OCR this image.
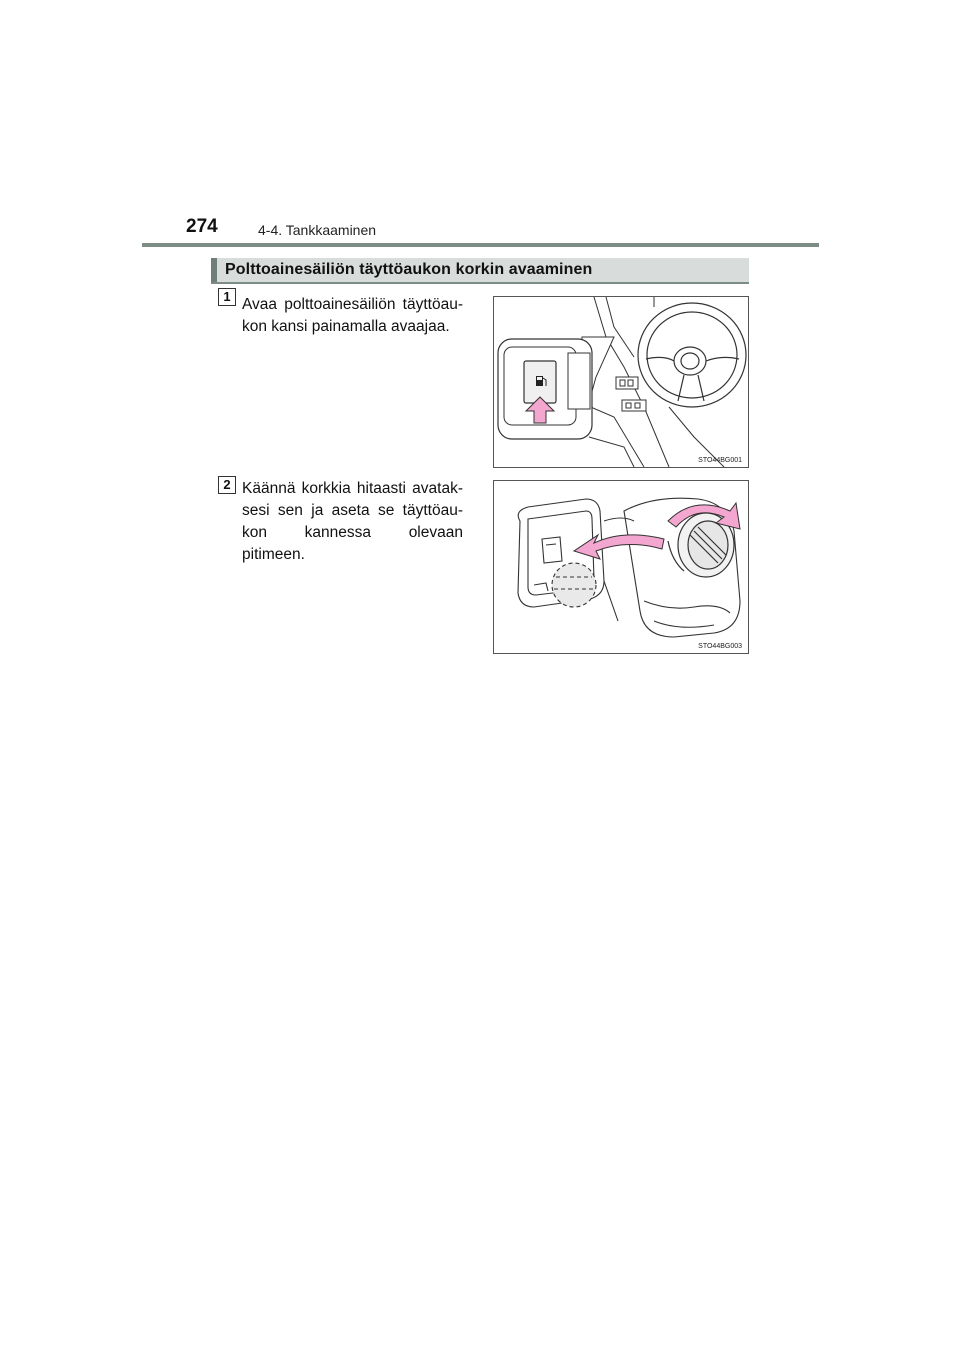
274	4-4. Tankkaaminen
Polttoainesäiliön täyttöaukon korkin avaaminen
1 Avaa polttoainesäiliön täyttöau-kon kansi painamalla avaajaa.
STO44BG001
2 Käännä korkkia hitaasti avatak-sesi sen ja aseta se täyttöau-kon kannessa olevaan pitimeen.
STO44BG003
